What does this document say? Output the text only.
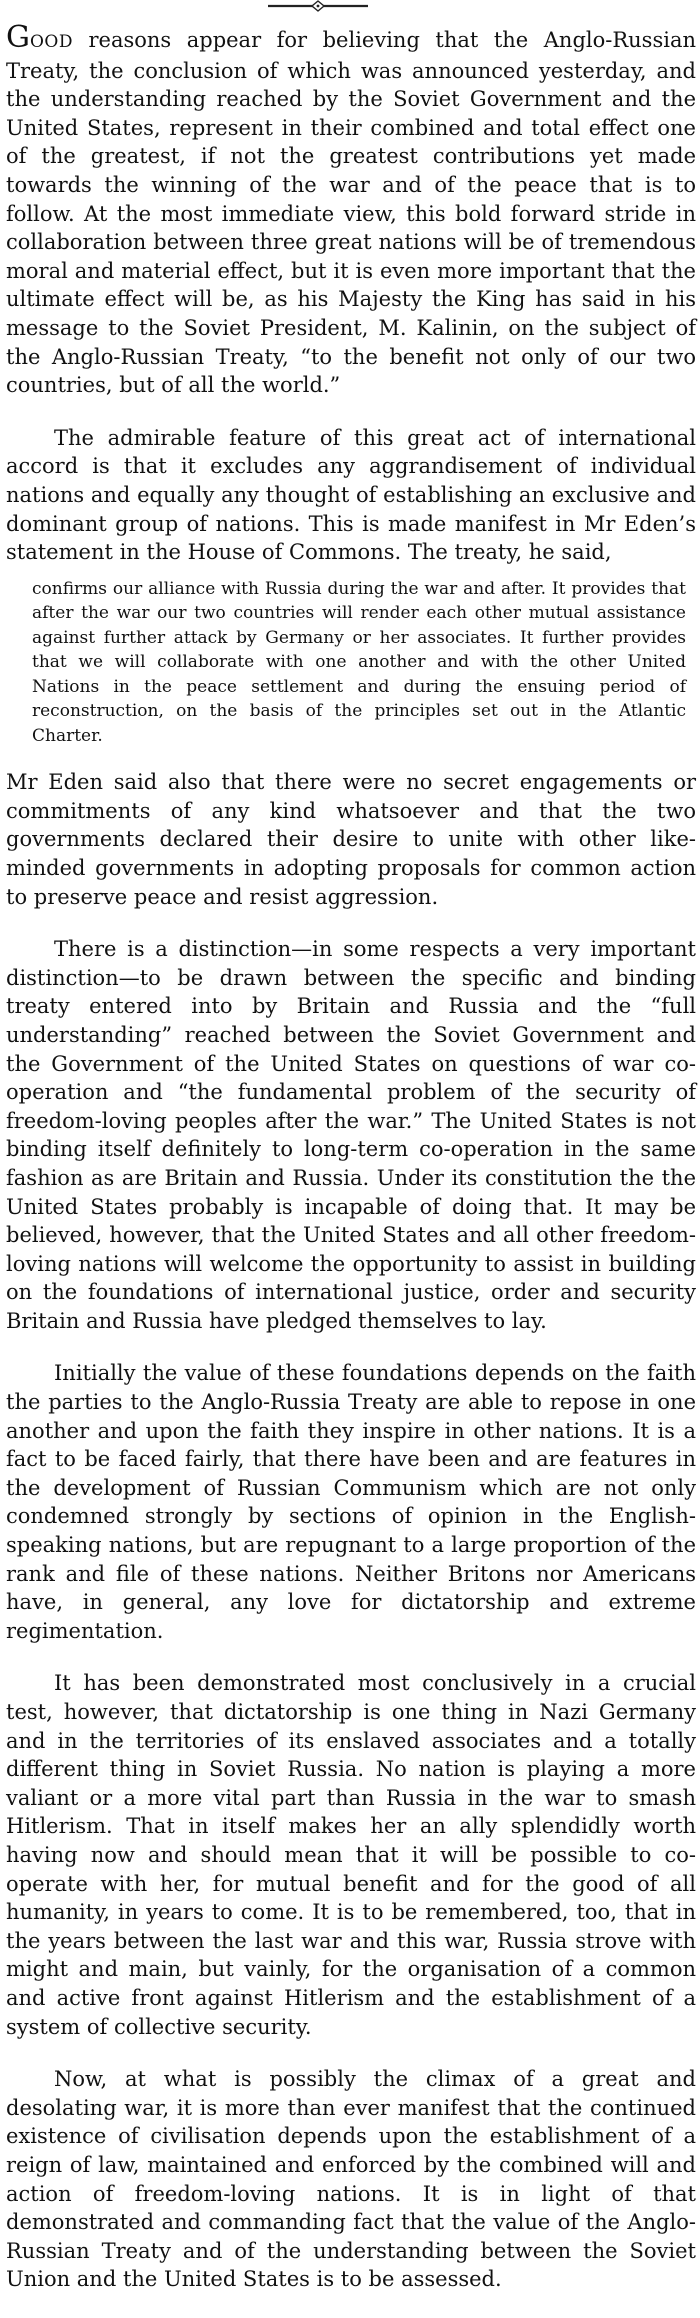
GOOD reasons appear for believing that the Anglo-Russian Treaty, the conclusion of which was announced yesterday, and the understanding reached by the Soviet Government and the United States, represent in their combined and total effect one of the greatest, if not the greatest contributions yet made towards the winning of the war and of the peace that is to follow. At the most immediate view, this bold forward stride in collaboration between three great nations will be of tremendous moral and material effect, but it is even more important that the ultimate effect will be, as his Majesty the King has said in his message to the Soviet President, M. Kalinin, on the subject of the Anglo-Russian Treaty, “to the benefit not only of our two countries, but of all the world.”

The admirable feature of this great act of international accord is that it excludes any aggrandisement of individual nations and equally any thought of establishing an exclusive and dominant group of nations. This is made manifest in Mr Eden’s statement in the House of Commons. The treaty, he said,

confirms our alliance with Russia during the war and after. It provides that after the war our two countries will render each other mutual assistance against further attack by Germany or her associates. It further provides that we will collaborate with one another and with the other United Nations in the peace settlement and during the ensuing period of reconstruction, on the basis of the principles set out in the Atlantic Charter.

Mr Eden said also that there were no secret engagements or commitments of any kind whatsoever and that the two governments declared their desire to unite with other like-minded governments in adopting proposals for common action to preserve peace and resist aggression.

There is a distinction—in some respects a very important distinction—to be drawn between the specific and binding treaty entered into by Britain and Russia and the “full understanding” reached between the Soviet Government and the Government of the United States on questions of war co-operation and “the fundamental problem of the security of freedom-loving peoples after the war.” The United States is not binding itself definitely to long-term co-operation in the same fashion as are Britain and Russia. Under its constitution the the United States probably is incapable of doing that. It may be believed, however, that the United States and all other freedom-loving nations will welcome the opportunity to assist in building on the foundations of international justice, order and security Britain and Russia have pledged themselves to lay.

Initially the value of these foundations depends on the faith the parties to the Anglo-Russia Treaty are able to repose in one another and upon the faith they inspire in other nations. It is a fact to be faced fairly, that there have been and are features in the development of Russian Communism which are not only condemned strongly by sections of opinion in the English-speaking nations, but are repugnant to a large proportion of the rank and file of these nations. Neither Britons nor Americans have, in general, any love for dictatorship and extreme regimentation.

It has been demonstrated most conclusively in a crucial test, however, that dictatorship is one thing in Nazi Germany and in the territories of its enslaved associates and a totally different thing in Soviet Russia. No nation is playing a more valiant or a more vital part than Russia in the war to smash Hitlerism. That in itself makes her an ally splendidly worth having now and should mean that it will be possible to co-operate with her, for mutual benefit and for the good of all humanity, in years to come. It is to be remembered, too, that in the years between the last war and this war, Russia strove with might and main, but vainly, for the organisation of a common and active front against Hitlerism and the establishment of a system of collective security.

Now, at what is possibly the climax of a great and desolating war, it is more than ever manifest that the continued existence of civilisation depends upon the establishment of a reign of law, maintained and enforced by the combined will and action of freedom-loving nations. It is in light of that demonstrated and commanding fact that the value of the Anglo-Russian Treaty and of the understanding between the Soviet Union and the United States is to be assessed.
